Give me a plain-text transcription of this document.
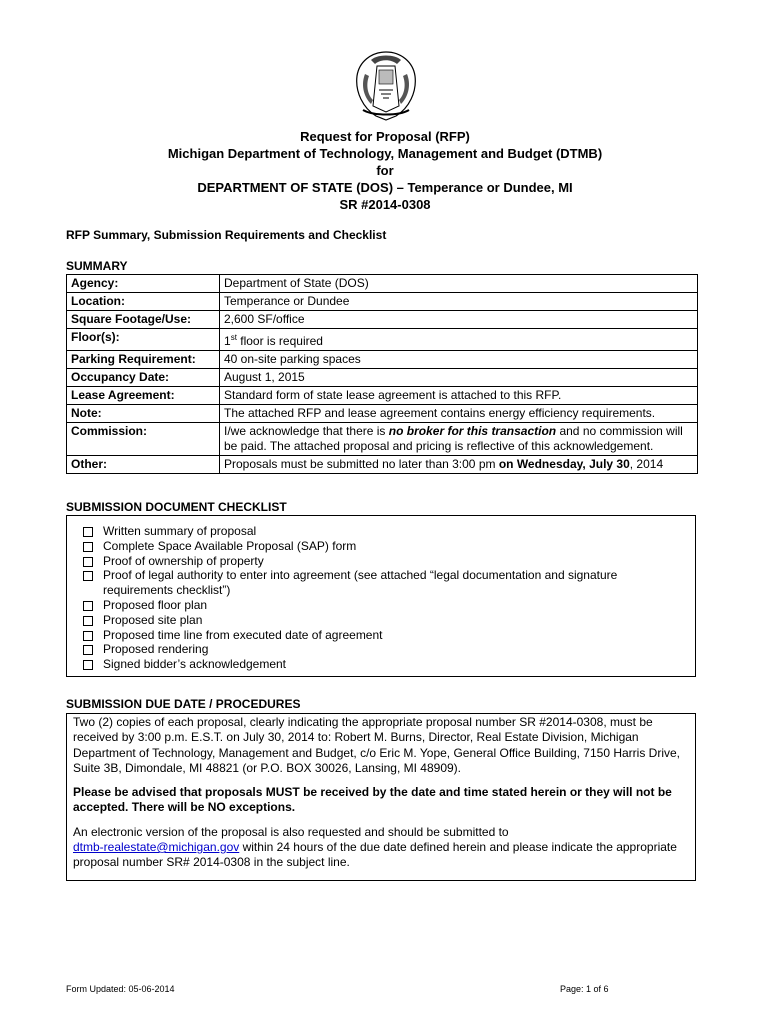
Request for Proposal (RFP)
Michigan Department of Technology, Management and Budget (DTMB)
for
DEPARTMENT OF STATE (DOS) – Temperance or Dundee, MI
SR #2014-0308
RFP Summary, Submission Requirements and Checklist
SUMMARY
Agency:	Department of State (DOS)
Location:	Temperance or Dundee
Square Footage/Use:	2,600 SF/office
Floor(s):	1st floor is required
Parking Requirement:	40 on-site parking spaces
Occupancy Date:	August 1, 2015
Lease Agreement:	Standard form of state lease agreement is attached to this RFP.
Note:	The attached RFP and lease agreement contains energy efficiency requirements.
Commission:	I/we acknowledge that there is no broker for this transaction and no commission will be paid. The attached proposal and pricing is reflective of this acknowledgement.
Other:	Proposals must be submitted no later than 3:00 pm on Wednesday, July 30, 2014
SUBMISSION DOCUMENT CHECKLIST
Written summary of proposal
Complete Space Available Proposal (SAP) form
Proof of ownership of property
Proof of legal authority to enter into agreement (see attached “legal documentation and signature
requirements checklist”)
Proposed floor plan
Proposed site plan
Proposed time line from executed date of agreement
Proposed rendering
Signed bidder’s acknowledgement
SUBMISSION DUE DATE / PROCEDURES

Two (2) copies of each proposal, clearly indicating the appropriate proposal number SR #2014-0308, must be received by 3:00 p.m. E.S.T. on July 30, 2014 to: Robert M. Burns, Director, Real Estate Division, Michigan Department of Technology, Management and Budget, c/o Eric M. Yope, General Office Building, 7150 Harris Drive, Suite 3B, Dimondale, MI 48821 (or P.O. BOX 30026, Lansing, MI 48909).

Please be advised that proposals MUST be received by the date and time stated herein or they will not be accepted. There will be NO exceptions.

An electronic version of the proposal is also requested and should be submitted to
dtmb-realestate@michigan.gov within 24 hours of the due date defined herein and please indicate the appropriate proposal number SR# 2014-0308 in the subject line.

Form Updated: 05-06-2014	Page: 1 of 6
